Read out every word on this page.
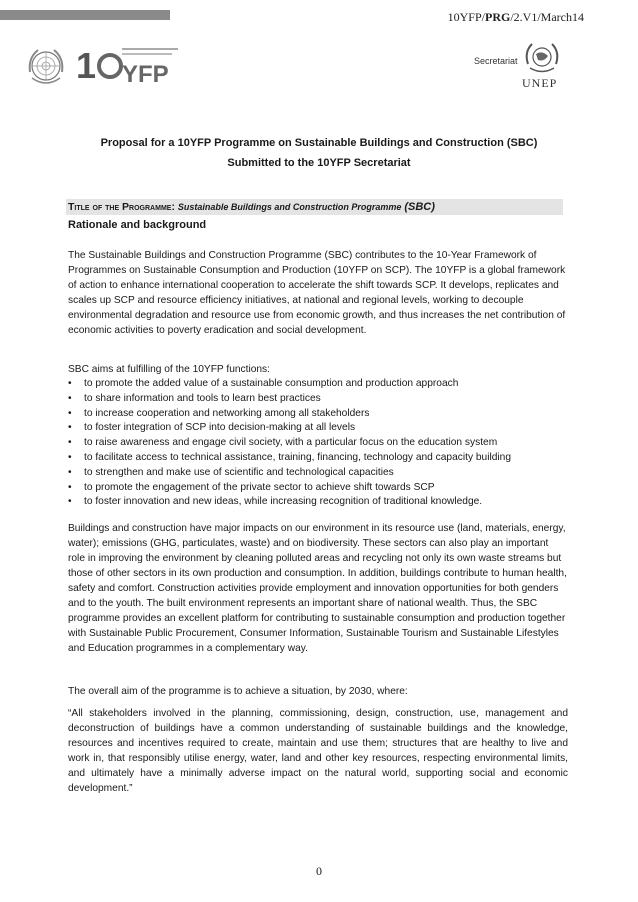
10YFP/PRG/2.V1/March14
1 YFP	Secretariat
UNEP
Proposal for a 10YFP Programme on Sustainable Buildings and Construction (SBC)
Submitted to the 10YFP Secretariat
Title of the Programme: Sustainable Buildings and Construction Programme (SBC)
Rationale and background

The Sustainable Buildings and Construction Programme (SBC) contributes to the 10-Year Framework of Programmes on Sustainable Consumption and Production (10YFP on SCP). The 10YFP is a global framework of action to enhance international cooperation to accelerate the shift towards SCP. It develops, replicates and scales up SCP and resource efficiency initiatives, at national and regional levels, working to decouple environmental degradation and resource use from economic growth, and thus increases the net contribution of economic activities to poverty eradication and social development.

SBC aims at fulfilling of the 10YFP functions:

• to promote the added value of a sustainable consumption and production approach
• to share information and tools to learn best practices
• to increase cooperation and networking among all stakeholders
• to foster integration of SCP into decision-making at all levels
• to raise awareness and engage civil society, with a particular focus on the education system
• to facilitate access to technical assistance, training, financing, technology and capacity building
• to strengthen and make use of scientific and technological capacities
• to promote the engagement of the private sector to achieve shift towards SCP
• to foster innovation and new ideas, while increasing recognition of traditional knowledge.

Buildings and construction have major impacts on our environment in its resource use (land, materials, energy, water); emissions (GHG, particulates, waste) and on biodiversity. These sectors can also play an important role in improving the environment by cleaning polluted areas and recycling not only its own waste streams but those of other sectors in its own production and consumption. In addition, buildings contribute to human health, safety and comfort. Construction activities provide employment and innovation opportunities for both genders and to the youth. The built environment represents an important share of national wealth. Thus, the SBC programme provides an excellent platform for contributing to sustainable consumption and production together with Sustainable Public Procurement, Consumer Information, Sustainable Tourism and Sustainable Lifestyles and Education programmes in a complementary way.

The overall aim of the programme is to achieve a situation, by 2030, where:

“All stakeholders involved in the planning, commissioning, design, construction, use, management and deconstruction of buildings have a common understanding of sustainable buildings and the knowledge, resources and incentives required to create, maintain and use them; structures that are healthy to live and work in, that responsibly utilise energy, water, land and other key resources, respecting environmental limits, and ultimately have a minimally adverse impact on the natural world, supporting social and economic development.”

0
